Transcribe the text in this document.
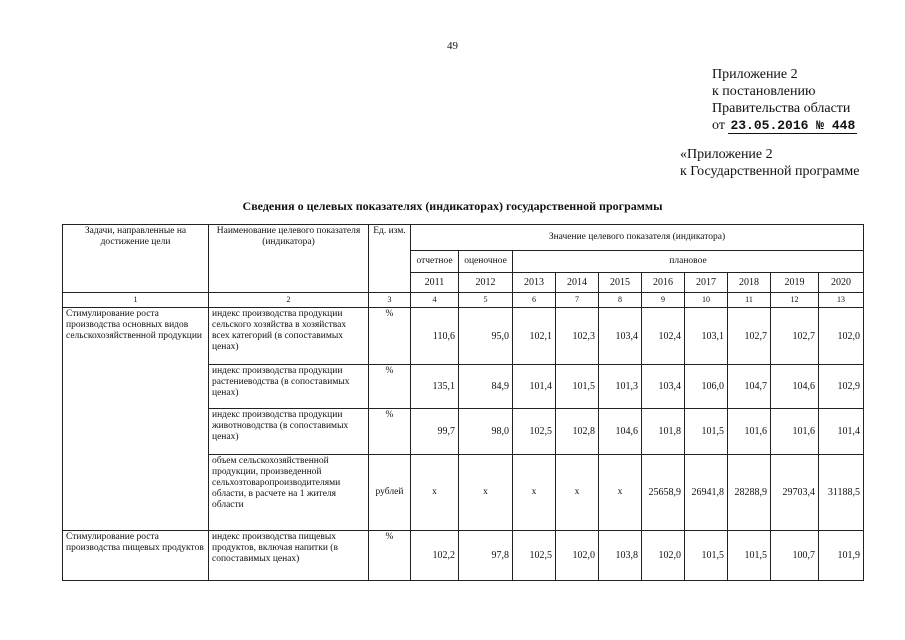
49
Приложение 2
к постановлению
Правительства области
от 23.05.2016 № 448
«Приложение 2
к Государственной программе
Сведения о целевых показателях (индикаторах) государственной программы
Задачи, направленные на достижение цели	Наименование целевого показателя (индикатора)	Ед. изм.	Значение целевого показателя (индикатора)									
			отчетное	оценочное	плановое							
			2011	2012	2013	2014	2015	2016	2017	2018	2019	2020
1	2	3	4	5	6	7	8	9	10	11	12	13
Стимулирование роста производства основных видов сельскохозяйственной продукции	индекс производства продукции сельского хозяйства в хозяйствах всех категорий (в сопоставимых ценах)	%	110,6	95,0	102,1	102,3	103,4	102,4	103,1	102,7	102,7	102,0
	индекс производства продукции растениеводства (в сопоставимых ценах)	%	135,1	84,9	101,4	101,5	101,3	103,4	106,0	104,7	104,6	102,9
	индекс производства продукции животноводства (в сопоставимых ценах)	%	99,7	98,0	102,5	102,8	104,6	101,8	101,5	101,6	101,6	101,4
	объем сельскохозяйственной продукции, произведенной сельхозтоваропроизводителями области, в расчете на 1 жителя области	рублей	x	x	x	x	x	25658,9	26941,8	28288,9	29703,4	31188,5
Стимулирование роста производства пищевых продуктов	индекс производства пищевых продуктов, включая напитки (в сопоставимых ценах)	%	102,2	97,8	102,5	102,0	103,8	102,0	101,5	101,5	100,7	101,9
